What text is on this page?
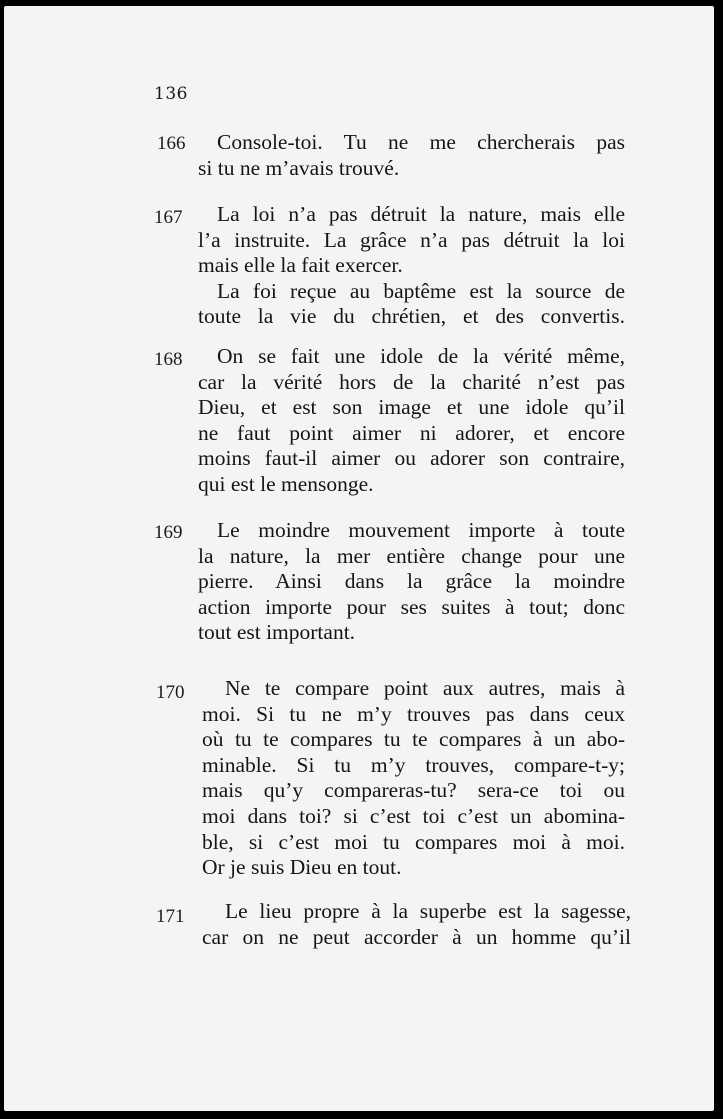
136
166 Console-toi. Tu ne me chercherais pas
si tu ne m’avais trouvé.
167 La loi n’a pas détruit la nature, mais elle
l’a instruite. La grâce n’a pas détruit la loi
mais elle la fait exercer.
La foi reçue au baptême est la source de
toute la vie du chrétien, et des convertis.
168 On se fait une idole de la vérité même,
car la vérité hors de la charité n’est pas
Dieu, et est son image et une idole qu’il
ne faut point aimer ni adorer, et encore
moins faut-il aimer ou adorer son contraire,
qui est le mensonge.
169 Le moindre mouvement importe à toute
la nature, la mer entière change pour une
pierre. Ainsi dans la grâce la moindre
action importe pour ses suites à tout; donc
tout est important.
170 Ne te compare point aux autres, mais à
moi. Si tu ne m’y trouves pas dans ceux
où tu te compares tu te compares à un abo-
minable. Si tu m’y trouves, compare-t-y;
mais qu’y compareras-tu? sera-ce toi ou
moi dans toi? si c’est toi c’est un abomina-
ble, si c’est moi tu compares moi à moi.
Or je suis Dieu en tout.
171 Le lieu propre à la superbe est la sagesse,
car on ne peut accorder à un homme qu’il
